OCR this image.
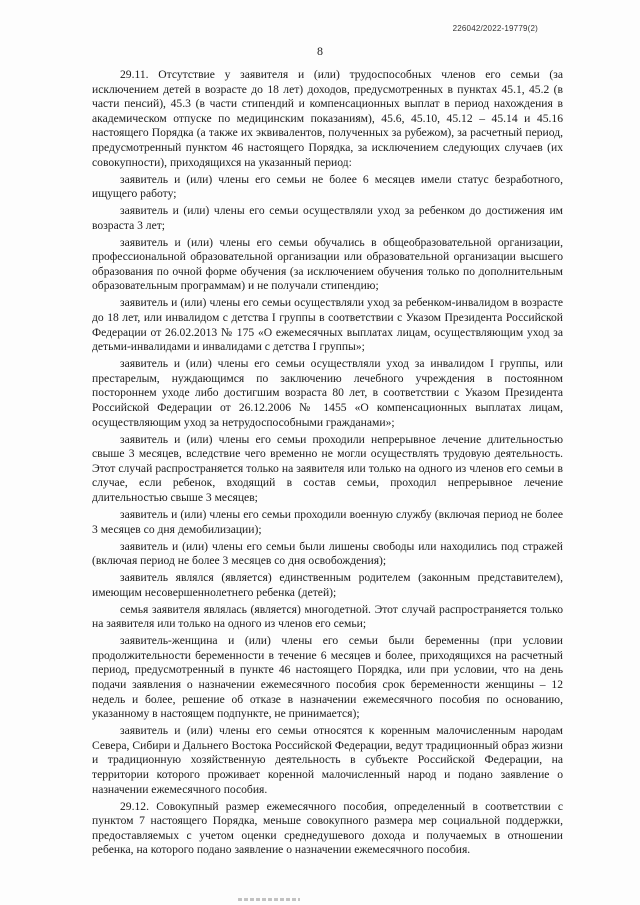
226042/2022-19779(2)
8

29.11. Отсутствие у заявителя и (или) трудоспособных членов его семьи (за исключением детей в возрасте до 18 лет) доходов, предусмотренных в пунктах 45.1, 45.2 (в части пенсий), 45.3 (в части стипендий и компенсационных выплат в период нахождения в академическом отпуске по медицинским показаниям), 45.6, 45.10, 45.12 – 45.14 и 45.16 настоящего Порядка (а также их эквивалентов, полученных за рубежом), за расчетный период, предусмотренный пунктом 46 настоящего Порядка, за исключением следующих случаев (их совокупности), приходящихся на указанный период:

заявитель и (или) члены его семьи не более 6 месяцев имели статус безработного, ищущего работу;

заявитель и (или) члены его семьи осуществляли уход за ребенком до достижения им возраста 3 лет;

заявитель и (или) члены его семьи обучались в общеобразовательной организации, профессиональной образовательной организации или образовательной организации высшего образования по очной форме обучения (за исключением обучения только по дополнительным образовательным программам) и не получали стипендию;

заявитель и (или) члены его семьи осуществляли уход за ребенком-инвалидом в возрасте до 18 лет, или инвалидом с детства I группы в соответствии с Указом Президента Российской Федерации от 26.02.2013 № 175 «О ежемесячных выплатах лицам, осуществляющим уход за детьми-инвалидами и инвалидами с детства I группы»;

заявитель и (или) члены его семьи осуществляли уход за инвалидом I группы, или престарелым, нуждающимся по заключению лечебного учреждения в постоянном постороннем уходе либо достигшим возраста 80 лет, в соответствии с Указом Президента Российской Федерации от 26.12.2006 № 1455 «О компенсационных выплатах лицам, осуществляющим уход за нетрудоспособными гражданами»;

заявитель и (или) члены его семьи проходили непрерывное лечение длительностью свыше 3 месяцев, вследствие чего временно не могли осуществлять трудовую деятельность. Этот случай распространяется только на заявителя или только на одного из членов его семьи в случае, если ребенок, входящий в состав семьи, проходил непрерывное лечение длительностью свыше 3 месяцев;

заявитель и (или) члены его семьи проходили военную службу (включая период не более 3 месяцев со дня демобилизации);

заявитель и (или) члены его семьи были лишены свободы или находились под стражей (включая период не более 3 месяцев со дня освобождения);

заявитель являлся (является) единственным родителем (законным представителем), имеющим несовершеннолетнего ребенка (детей);

семья заявителя являлась (является) многодетной. Этот случай распространяется только на заявителя или только на одного из членов его семьи;

заявитель-женщина и (или) члены его семьи были беременны (при условии продолжительности беременности в течение 6 месяцев и более, приходящихся на расчетный период, предусмотренный в пункте 46 настоящего Порядка, или при условии, что на день подачи заявления о назначении ежемесячного пособия срок беременности женщины – 12 недель и более, решение об отказе в назначении ежемесячного пособия по основанию, указанному в настоящем подпункте, не принимается);

заявитель и (или) члены его семьи относятся к коренным малочисленным народам Севера, Сибири и Дальнего Востока Российской Федерации, ведут традиционный образ жизни и традиционную хозяйственную деятельность в субъекте Российской Федерации, на территории которого проживает коренной малочисленный народ и подано заявление о назначении ежемесячного пособия.

29.12. Совокупный размер ежемесячного пособия, определенный в соответствии с пунктом 7 настоящего Порядка, меньше совокупного размера мер социальной поддержки, предоставляемых с учетом оценки среднедушевого дохода и получаемых в отношении ребенка, на которого подано заявление о назначении ежемесячного пособия.
